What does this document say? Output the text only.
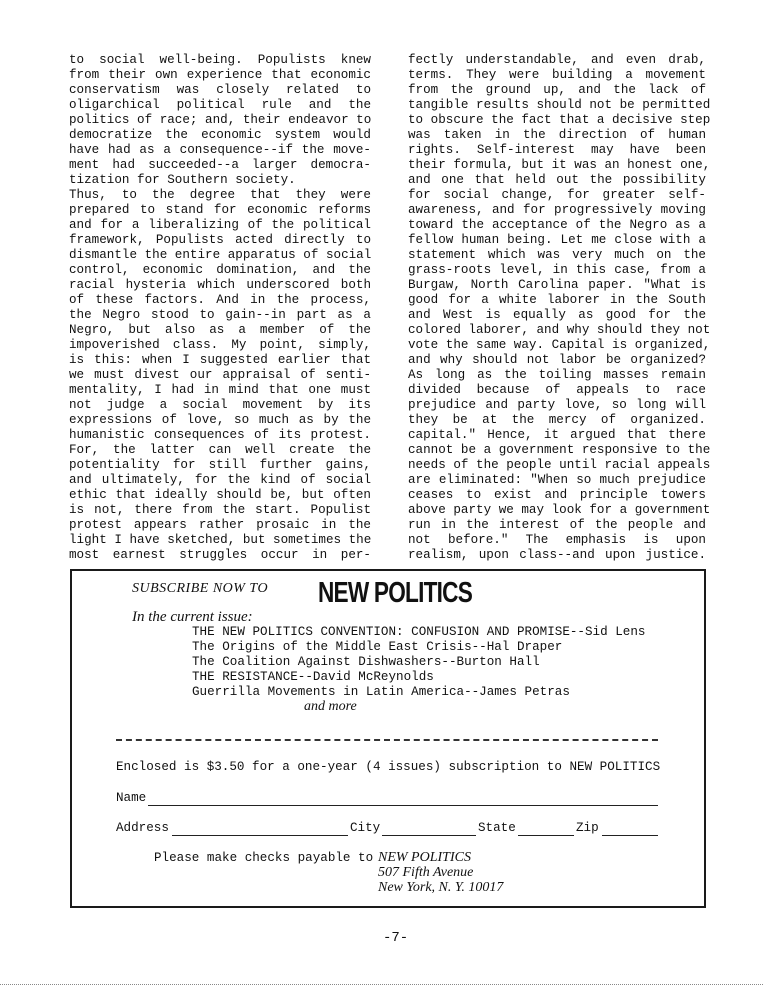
to social well-being. Populists knew
from their own experience that economic
conservatism was closely related to
oligarchical political rule and the
politics of race; and, their endeavor to
democratize the economic system would
have had as a consequence--if the move-
ment had succeeded--a larger democra-
tization for Southern society.
Thus, to the degree that they were
prepared to stand for economic reforms
and for a liberalizing of the political
framework, Populists acted directly to
dismantle the entire apparatus of social
control, economic domination, and the
racial hysteria which underscored both
of these factors. And in the process,
the Negro stood to gain--in part as a
Negro, but also as a member of the
impoverished class. My point, simply,
is this: when I suggested earlier that
we must divest our appraisal of senti-
mentality, I had in mind that one must
not judge a social movement by its
expressions of love, so much as by the
humanistic consequences of its protest.
For, the latter can well create the
potentiality for still further gains,
and ultimately, for the kind of social
ethic that ideally should be, but often
is not, there from the start. Populist
protest appears rather prosaic in the
light I have sketched, but sometimes the
most earnest struggles occur in per-
fectly understandable, and even drab,
terms. They were building a movement
from the ground up, and the lack of
tangible results should not be permitted
to obscure the fact that a decisive step
was taken in the direction of human
rights. Self-interest may have been
their formula, but it was an honest one,
and one that held out the possibility
for social change, for greater self-
awareness, and for progressively moving
toward the acceptance of the Negro as a
fellow human being. Let me close with a
statement which was very much on the
grass-roots level, in this case, from a
Burgaw, North Carolina paper. "What is
good for a white laborer in the South
and West is equally as good for the
colored laborer, and why should they not
vote the same way. Capital is organized,
and why should not labor be organized?
As long as the toiling masses remain
divided because of appeals to race
prejudice and party love, so long will
they be at the mercy of organized.
capital." Hence, it argued that there
cannot be a government responsive to the
needs of the people until racial appeals
are eliminated: "When so much prejudice
ceases to exist and principle towers
above party we may look for a government
run in the interest of the people and
not before." The emphasis is upon
realism, upon class--and upon justice.
SUBSCRIBE NOW TO NEW POLITICS
In the current issue:
THE NEW POLITICS CONVENTION: CONFUSION AND PROMISE--Sid Lens
The Origins of the Middle East Crisis--Hal Draper
The Coalition Against Dishwashers--Burton Hall
THE RESISTANCE--David McReynolds
Guerrilla Movements in Latin America--James Petras
and more
Enclosed is $3.50 for a one-year (4 issues) subscription to NEW POLITICS
Name
Address	City	State	Zip
Please make checks payable to NEW POLITICS
507 Fifth Avenue
New York, N. Y. 10017
-7-
